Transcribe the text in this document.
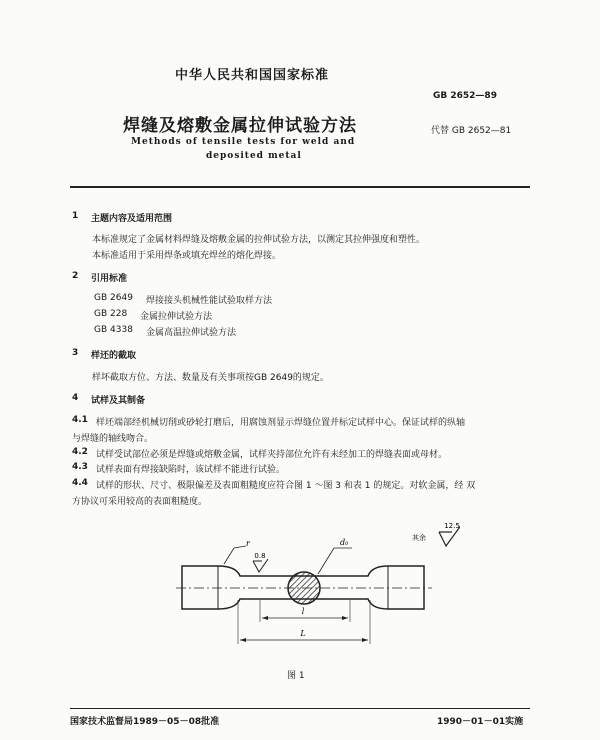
中华人民共和国国家标准
GB 2652—89
焊缝及熔敷金属拉伸试验方法	代替 GB 2652—81
Methods of tensile tests for weld and
deposited metal
1 主题内容及适用范围
本标准规定了金属材料焊缝及熔敷金属的拉伸试验方法，以测定其拉伸强度和塑性。
本标准适用于采用焊条或填充焊丝的熔化焊接。
2 引用标准
GB 2649 焊接接头机械性能试验取样方法
GB 228 金属拉伸试验方法
GB 4338 金属高温拉伸试验方法
3 样还的截取
样坏截取方位、方法、数量及有关事项按GB 2649的规定。
4 试样及其制备
4.1 样坯端部经机械切削或砂轮打磨后，用腐蚀剂显示焊缝位置并标定试样中心。保证试样的纵轴
与焊缝的轴线吻合。
4.2 试样受试部位必须是焊缝或熔敷金属，试样夹持部位允许有未经加工的焊缝表面或母材。
4.3 试样表面有焊接缺陷时，该试样不能进行试验。
4.4 试样的形状、尺寸、极限偏差及表面粗糙度应符合图 1 ～图 3 和表 1 的规定。对软金属，经 双
方协议可采用较高的表面粗糙度。
12.5
其余
r
0.8
d₀
l
L
图 1
国家技术监督局1989－05－08批准	1990－01－01实施
